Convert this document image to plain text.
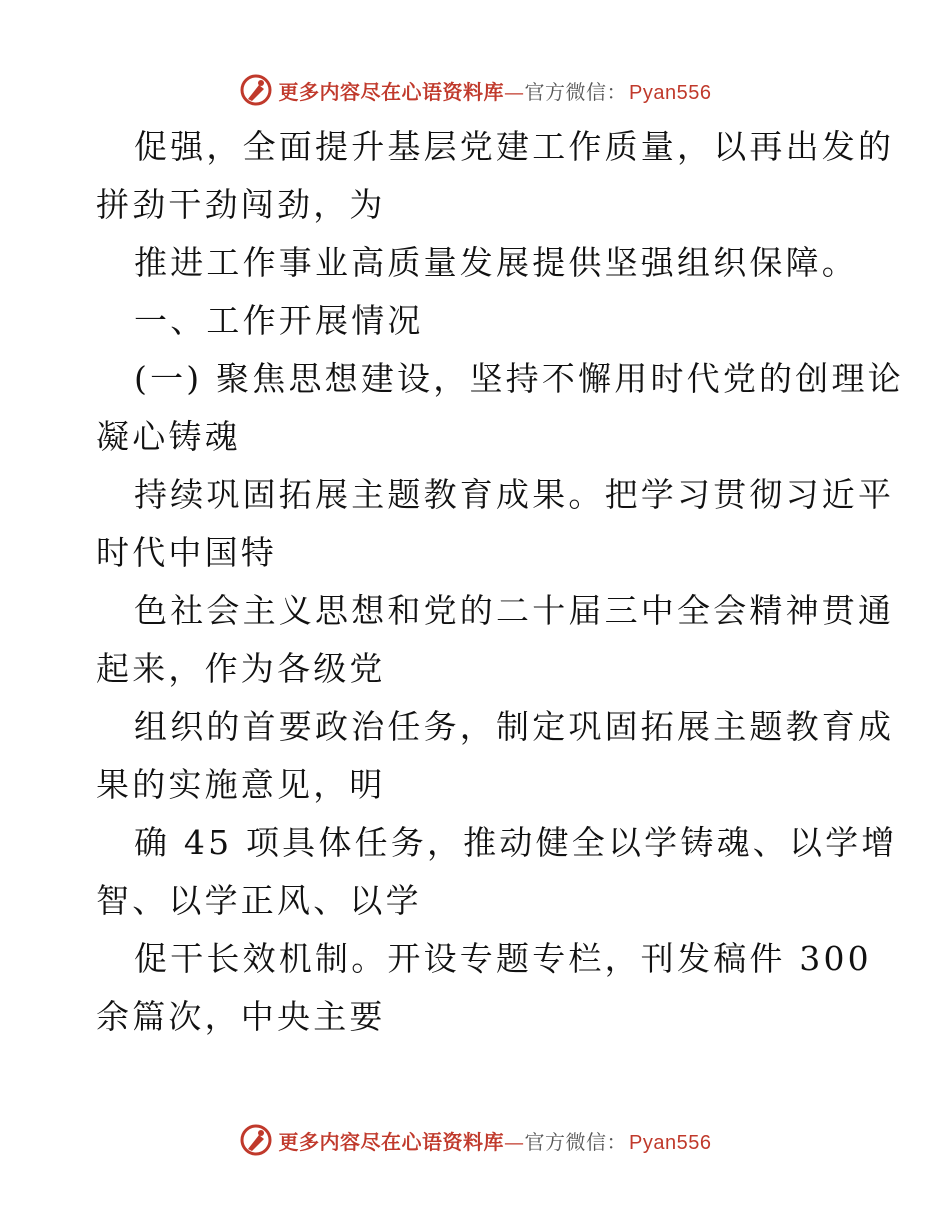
更多内容尽在心语资料库—官方微信： Pyan556
促强，全面提升基层党建工作质量，以再出发的
拼劲干劲闯劲，为
推进工作事业高质量发展提供坚强组织保障。
一、工作开展情况
(一) 聚焦思想建设，坚持不懈用时代党的创理论
凝心铸魂
持续巩固拓展主题教育成果。把学习贯彻习近平
时代中国特
色社会主义思想和党的二十届三中全会精神贯通
起来，作为各级党
组织的首要政治任务，制定巩固拓展主题教育成
果的实施意见，明
确 45 项具体任务，推动健全以学铸魂、以学增
智、以学正风、以学
促干长效机制。开设专题专栏，刊发稿件 300
余篇次，中央主要
更多内容尽在心语资料库—官方微信： Pyan556
